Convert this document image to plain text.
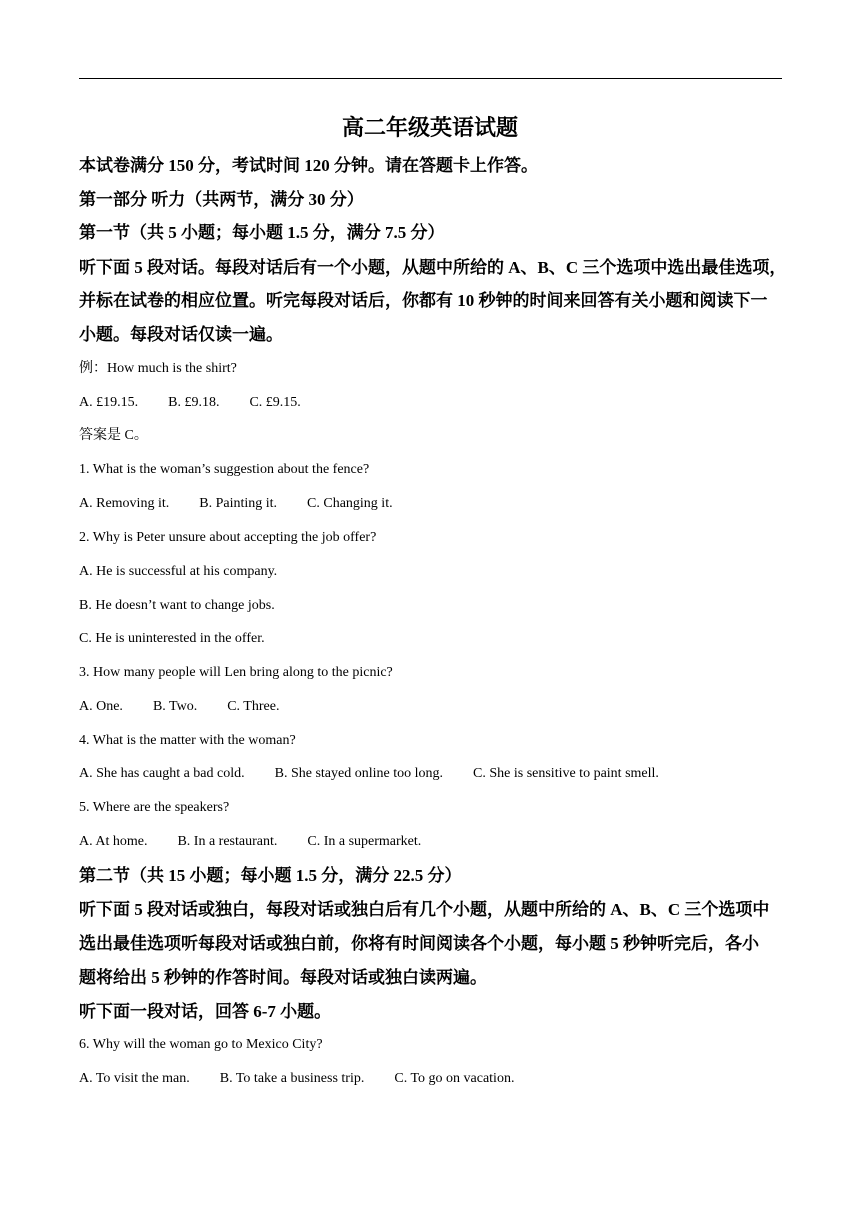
高二年级英语试题
本试卷满分 150 分，考试时间 120 分钟。请在答题卡上作答。
第一部分 听力（共两节，满分 30 分）
第一节（共 5 小题；每小题 1.5 分，满分 7.5 分）
听下面 5 段对话。每段对话后有一个小题，从题中所给的 A、B、C 三个选项中选出最佳选项，
并标在试卷的相应位置。听完每段对话后，你都有 10 秒钟的时间来回答有关小题和阅读下一
小题。每段对话仅读一遍。
例：How much is the shirt?
A. £19.15. B. £9.18. C. £9.15.
答案是 C。
1. What is the woman’s suggestion about the fence?
A. Removing it. B. Painting it. C. Changing it.
2. Why is Peter unsure about accepting the job offer?
A. He is successful at his company.
B. He doesn’t want to change jobs.
C. He is uninterested in the offer.
3. How many people will Len bring along to the picnic?
A. One. B. Two. C. Three.
4. What is the matter with the woman?
A. She has caught a bad cold. B. She stayed online too long. C. She is sensitive to paint smell.
5. Where are the speakers?
A. At home. B. In a restaurant. C. In a supermarket.
第二节（共 15 小题；每小题 1.5 分，满分 22.5 分）
听下面 5 段对话或独白，每段对话或独白后有几个小题，从题中所给的 A、B、C 三个选项中
选出最佳选项听每段对话或独白前，你将有时间阅读各个小题，每小题 5 秒钟听完后，各小
题将给出 5 秒钟的作答时间。每段对话或独白读两遍。
听下面一段对话，回答 6-7 小题。
6. Why will the woman go to Mexico City?
A. To visit the man. B. To take a business trip. C. To go on vacation.
